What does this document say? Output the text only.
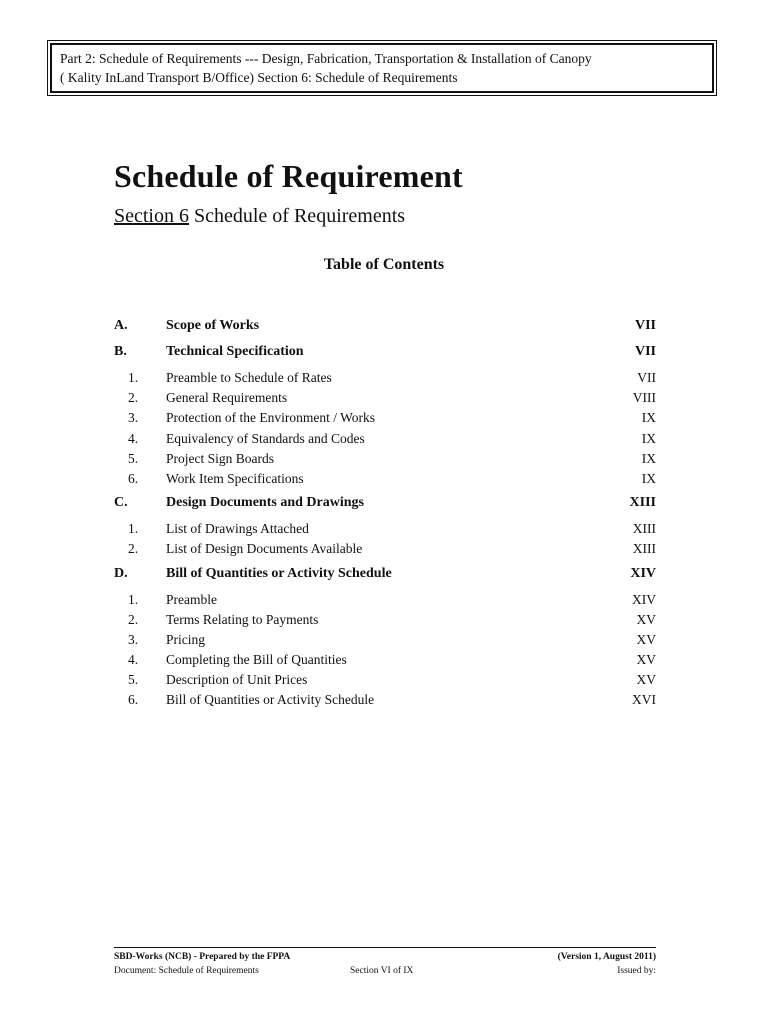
Part 2: Schedule of Requirements --- Design, Fabrication, Transportation & Installation of Canopy
( Kality InLand Transport B/Office) Section 6: Schedule of Requirements
Schedule of Requirement
Section 6 Schedule of Requirements
Table of Contents
A.	Scope of Works	VII
B.	Technical Specification	VII
1.	Preamble to Schedule of Rates	VII
2.	General Requirements	VIII
3.	Protection of the Environment / Works	IX
4.	Equivalency of Standards and Codes	IX
5.	Project Sign Boards	IX
6.	Work Item Specifications	IX
C.	Design Documents and Drawings	XIII
1.	List of Drawings Attached	XIII
2.	List of Design Documents Available	XIII
D.	Bill of Quantities or Activity Schedule	XIV
1.	Preamble	XIV
2.	Terms Relating to Payments	XV
3.	Pricing	XV
4.	Completing the Bill of Quantities	XV
5.	Description of Unit Prices	XV
6.	Bill of Quantities or Activity Schedule	XVI
SBD-Works (NCB) - Prepared by the FPPA	(Version 1, August 2011)
Document: Schedule of Requirements	Section VI of IX	Issued by:
